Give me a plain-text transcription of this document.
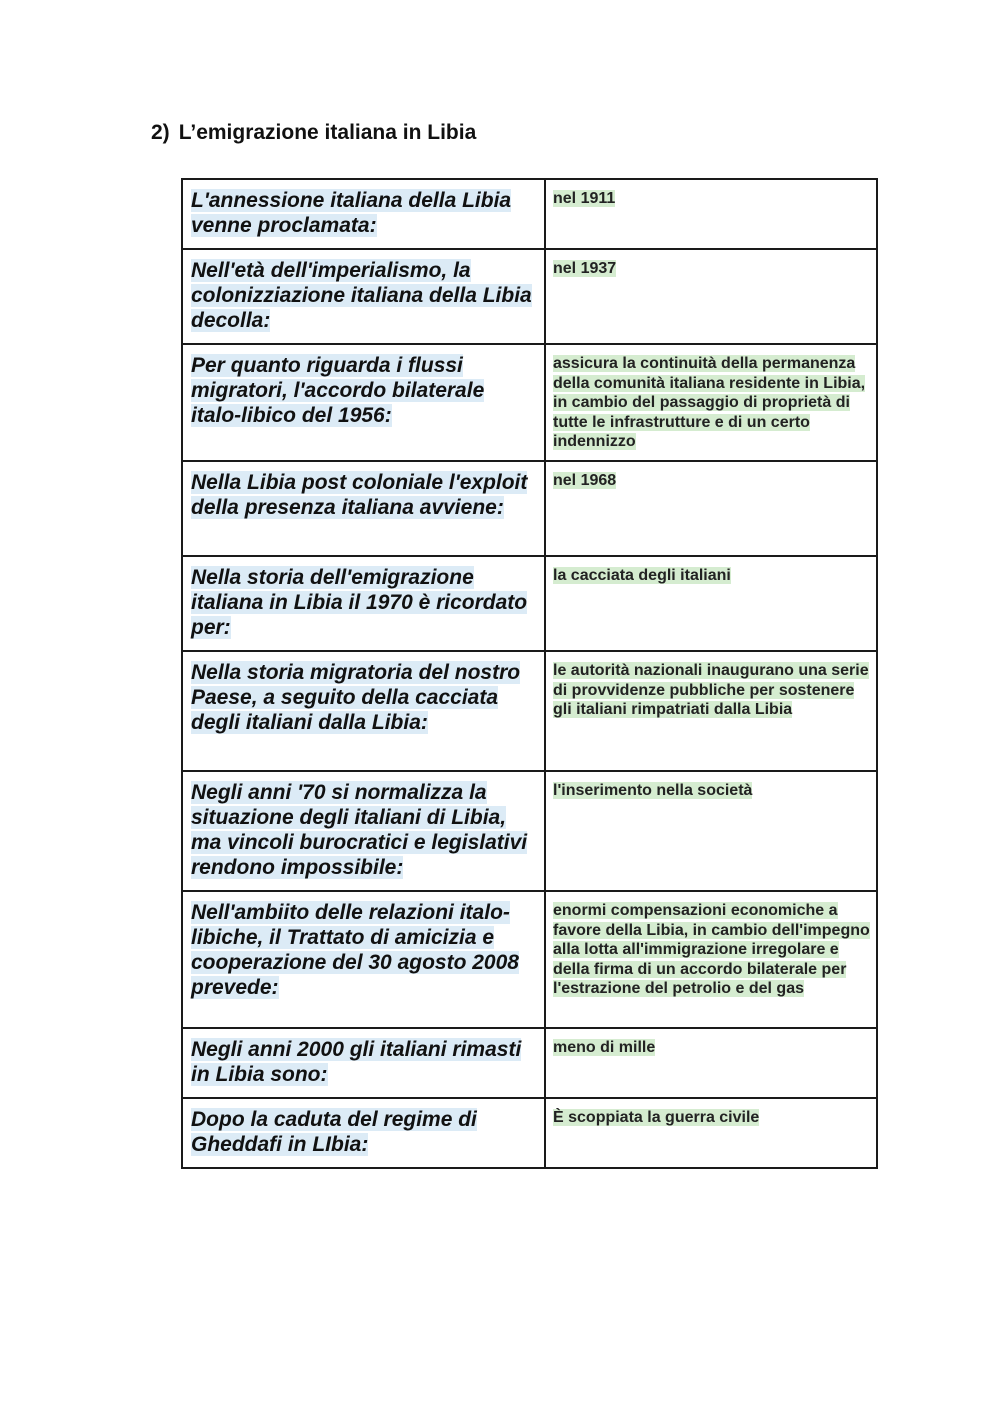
2) L’emigrazione italiana in Libia
L'annessione italiana della Libia venne proclamata:	nel 1911
Nell'età dell'imperialismo, la colonizziazione italiana della Libia decolla:	nel 1937
Per quanto riguarda i flussi migratori, l'accordo bilaterale italo-libico del 1956:	assicura la continuità della permanenza della comunità italiana residente in Libia, in cambio del passaggio di proprietà di tutte le infrastrutture e di un certo indennizzo
Nella Libia post coloniale l'exploit della presenza italiana avviene:	nel 1968
Nella storia dell'emigrazione italiana in Libia il 1970 è ricordato per:	la cacciata degli italiani
Nella storia migratoria del nostro Paese, a seguito della cacciata degli italiani dalla Libia:	le autorità nazionali inaugurano una serie di provvidenze pubbliche per sostenere gli italiani rimpatriati dalla Libia
Negli anni '70 si normalizza la situazione degli italiani di Libia, ma vincoli burocratici e legislativi rendono impossibile:	l'inserimento nella società
Nell'ambiito delle relazioni italo-libiche, il Trattato di amicizia e cooperazione del 30 agosto 2008 prevede:	enormi compensazioni economiche a favore della Libia, in cambio dell'impegno alla lotta all'immigrazione irregolare e della firma di un accordo bilaterale per l'estrazione del petrolio e del gas
Negli anni 2000 gli italiani rimasti in Libia sono:	meno di mille
Dopo la caduta del regime di Gheddafi in LIbia:	È scoppiata la guerra civile
